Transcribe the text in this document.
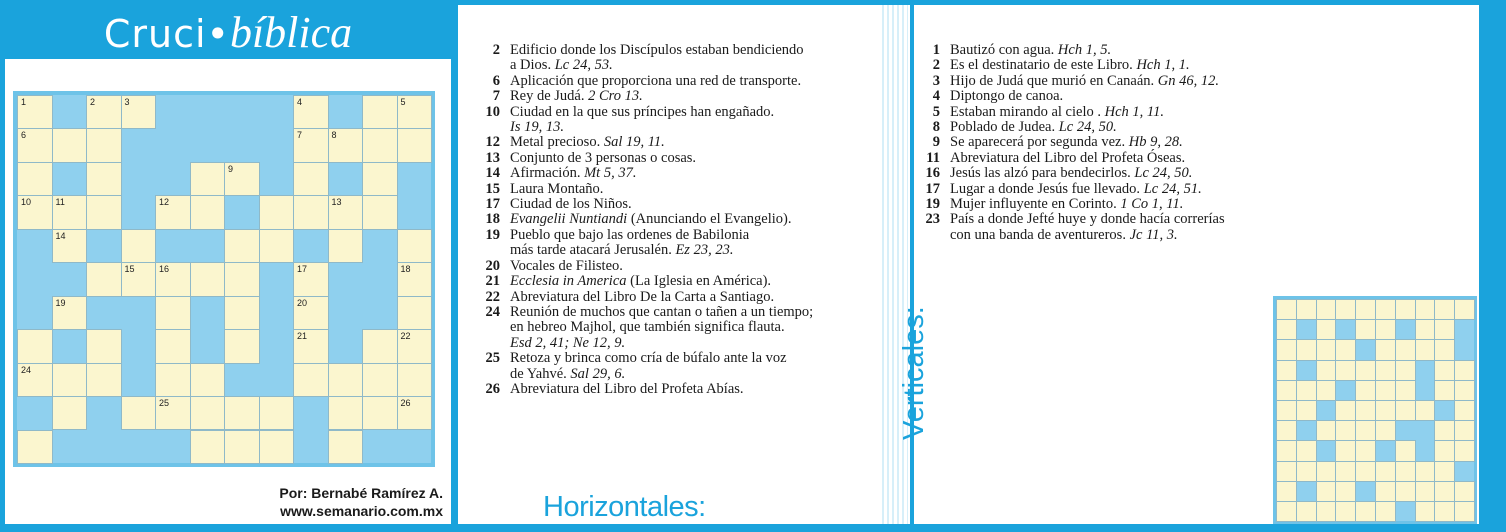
Cruci•bíblica
Por: Bernabé Ramírez A.
www.semanario.com.mx
1	2	3	4	5
6	7	8
9
10	11	12	13
14
15	16	17	18
19	20
21	22
24
25	26
2 Edificio donde los Discípulos estaban bendiciendo
a Dios. Lc 24, 53.
6 Aplicación que proporciona una red de transporte.
7 Rey de Judá. 2 Cro 13.
10 Ciudad en la que sus príncipes han engañado.
Is 19, 13.
12 Metal precioso. Sal 19, 11.
13 Conjunto de 3 personas o cosas.
14 Afirmación. Mt 5, 37.
15 Laura Montaño.
17 Ciudad de los Niños.
18 Evangelii Nuntiandi (Anunciando el Evangelio).
19 Pueblo que bajo las ordenes de Babilonia
más tarde atacará Jerusalén. Ez 23, 23.
20 Vocales de Filisteo.
21 Ecclesia in America (La Iglesia en América).
22 Abreviatura del Libro De la Carta a Santiago.
24 Reunión de muchos que cantan o tañen a un tiempo;
en hebreo Majhol, que también significa flauta.
Esd 2, 41; Ne 12, 9.
25 Retoza y brinca como cría de búfalo ante la voz
de Yahvé. Sal 29, 6.
26 Abreviatura del Libro del Profeta Abías.
Horizontales:
1 Bautizó con agua. Hch 1, 5.
2 Es el destinatario de este Libro. Hch 1, 1.
3 Hijo de Judá que murió en Canaán. Gn 46, 12.
4 Diptongo de canoa.
5 Estaban mirando al cielo . Hch 1, 11.
8 Poblado de Judea. Lc 24, 50.
9 Se aparecerá por segunda vez. Hb 9, 28.
11 Abreviatura del Libro del Profeta Óseas.
16 Jesús las alzó para bendecirlos. Lc 24, 50.
17 Lugar a donde Jesús fue llevado. Lc 24, 51.
19 Mujer influyente en Corinto. 1 Co 1, 11.
23 País a donde Jefté huye y donde hacía correrías
con una banda de aventureros. Jc 11, 3.
Verticales:
